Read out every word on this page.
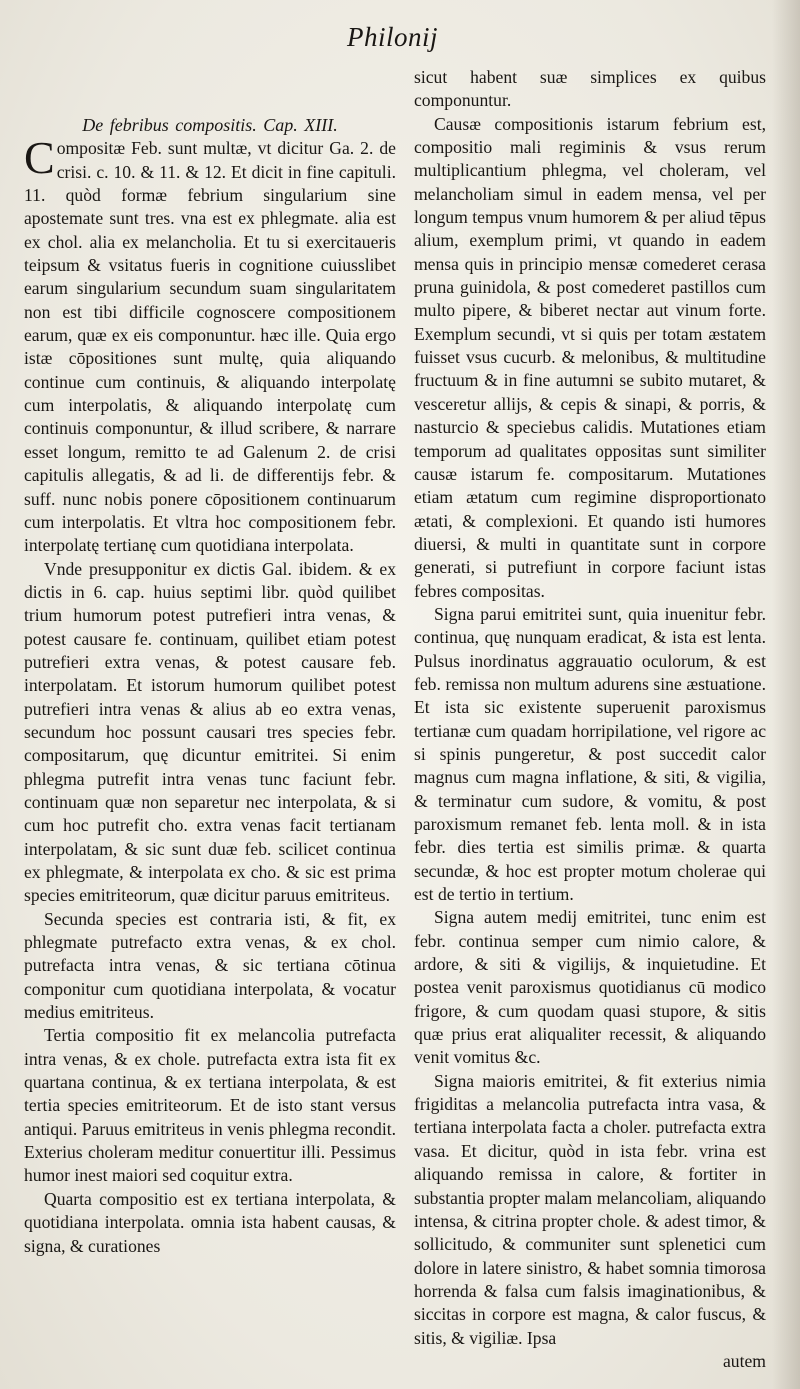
Philonij

De febribus compositis. Cap. XIII.

Compositæ Feb. sunt multæ, vt dicitur Ga. 2. de crisi. c. 10. & 11. & 12. Et dicit in fine capituli. 11. quòd formæ febrium singularium sine apostemate sunt tres. vna est ex phlegmate. alia est ex chol. alia ex melancholia. Et tu si exercitaueris teipsum & vsitatus fueris in cognitione cuiusslibet earum singularium secundum suam singularitatem non est tibi difficile cognoscere compositionem earum, quæ ex eis componuntur. hæc ille. Quia ergo istæ cōpositiones sunt multę, quia aliquando continue cum continuis, & aliquando interpolatę cum interpolatis, & aliquando interpolatę cum continuis componuntur, & illud scribere, & narrare esset longum, remitto te ad Galenum 2. de crisi capitulis allegatis, & ad li. de differentijs febr. & suff. nunc nobis ponere cōpositionem continuarum cum interpolatis. Et vltra hoc compositionem febr. interpolatę tertianę cum quotidiana interpolata.

Vnde presupponitur ex dictis Gal. ibidem. & ex dictis in 6. cap. huius septimi libr. quòd quilibet trium humorum potest putrefieri intra venas, & potest causare fe. continuam, quilibet etiam potest putrefieri extra venas, & potest causare feb. interpolatam. Et istorum humorum quilibet potest putrefieri intra venas & alius ab eo extra venas, secundum hoc possunt causari tres species febr. compositarum, quę dicuntur emitritei. Si enim phlegma putrefit intra venas tunc faciunt febr. continuam quæ non separetur nec interpolata, & si cum hoc putrefit cho. extra venas facit tertianam interpolatam, & sic sunt duæ feb. scilicet continua ex phlegmate, & interpolata ex cho. & sic est prima species emitriteorum, quæ dicitur paruus emitriteus.

Secunda species est contraria isti, & fit, ex phlegmate putrefacto extra venas, & ex chol. putrefacta intra venas, & sic tertiana cōtinua componitur cum quotidiana interpolata, & vocatur medius emitriteus.

Tertia compositio fit ex melancolia putrefacta intra venas, & ex chole. putrefacta extra ista fit ex quartana continua, & ex tertiana interpolata, & est tertia species emitriteorum. Et de isto stant versus antiqui. Paruus emitriteus in venis phlegma recondit. Exterius choleram meditur conuertitur illi. Pessimus humor inest maiori sed coquitur extra.

Quarta compositio est ex tertiana interpolata, & quotidiana interpolata. omnia ista habent causas, & signa, & curationes

sicut habent suæ simplices ex quibus componuntur.

Causæ compositionis istarum febrium est, compositio mali regiminis & vsus rerum multiplicantium phlegma, vel choleram, vel melancholiam simul in eadem mensa, vel per longum tempus vnum humorem & per aliud tēpus alium, exemplum primi, vt quando in eadem mensa quis in principio mensæ comederet cerasa pruna guinidola, & post comederet pastillos cum multo pipere, & biberet nectar aut vinum forte. Exemplum secundi, vt si quis per totam æstatem fuisset vsus cucurb. & melonibus, & multitudine fructuum & in fine autumni se subito mutaret, & vesceretur allijs, & cepis & sinapi, & porris, & nasturcio & speciebus calidis. Mutationes etiam temporum ad qualitates oppositas sunt similiter causæ istarum fe. compositarum. Mutationes etiam ætatum cum regimine disproportionato ætati, & complexioni. Et quando isti humores diuersi, & multi in quantitate sunt in corpore generati, si putrefiunt in corpore faciunt istas febres compositas.

Signa parui emitritei sunt, quia inuenitur febr. continua, quę nunquam eradicat, & ista est lenta. Pulsus inordinatus aggrauatio oculorum, & est feb. remissa non multum adurens sine æstuatione. Et ista sic existente superuenit paroxismus tertianæ cum quadam horripilatione, vel rigore ac si spinis pungeretur, & post succedit calor magnus cum magna inflatione, & siti, & vigilia, & terminatur cum sudore, & vomitu, & post paroxismum remanet feb. lenta moll. & in ista febr. dies tertia est similis primæ. & quarta secundæ, & hoc est propter motum cholerae qui est de tertio in tertium.

Signa autem medij emitritei, tunc enim est febr. continua semper cum nimio calore, & ardore, & siti & vigilijs, & inquietudine. Et postea venit paroxismus quotidianus cū modico frigore, & cum quodam quasi stupore, & sitis quæ prius erat aliqualiter recessit, & aliquando venit vomitus &c.

Signa maioris emitritei, & fit exterius nimia frigiditas a melancolia putrefacta intra vasa, & tertiana interpolata facta a choler. putrefacta extra vasa. Et dicitur, quòd in ista febr. vrina est aliquando remissa in calore, & fortiter in substantia propter malam melancoliam, aliquando intensa, & citrina propter chole. & adest timor, & sollicitudo, & communiter sunt splenetici cum dolore in latere sinistro, & habet somnia timorosa horrenda & falsa cum falsis imaginationibus, & siccitas in corpore est magna, & calor fuscus, & sitis, & vigiliæ. Ipsa

autem
